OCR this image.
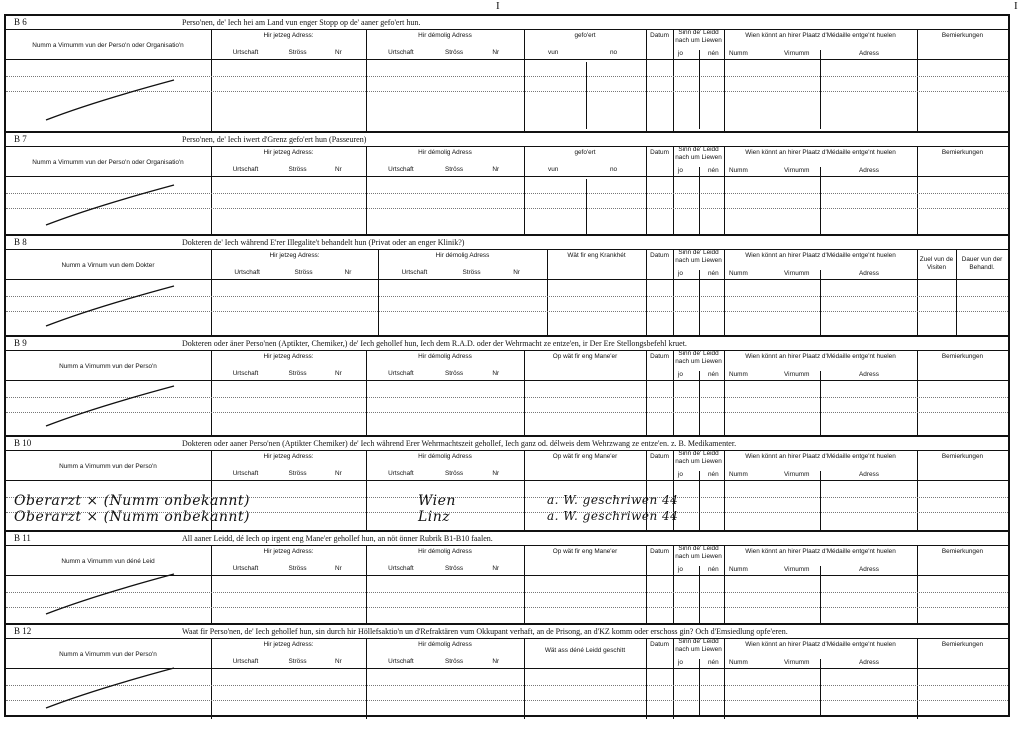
I	I
B 6	Perso'nen, de' Iech hei am Land vun enger Stopp op de' aaner gefo'ert hun.
Numm a Virnumm vun der Perso'n oder Organisatio'n
Hir jetzeg Adress:	Hir démolig Adress
Urtschaft	Ströss	Nr	Urtschaft	Ströss	Nr
gefo'ert
vun	no
Datum	Sinn de' Leidd nach um Liewen
jo	nén
Wien könnt an hirer Plaatz d'Médaille entge'nt huelen
Numm	Virnumm	Adress
Bemierkungen
B 7	Perso'nen, de' Iech iwert d'Grenz gefo'ert hun (Passeuren)
Numm a Virnumm vun der Perso'n oder Organisatio'n
Hir jetzeg Adress:	Hir démolig Adress
Urtschaft	Ströss	Nr	Urtschaft	Ströss	Nr
gefo'ert
vun	no
Datum	Sinn de' Leidd nach um Liewen
jo	nén
Wien könnt an hirer Plaatz d'Médaille entge'nt huelen
Numm	Virnumm	Adress
Bemierkungen
B 8	Dokteren de' Iech während E'rer Illegalite't behandelt hun (Privat oder an enger Klinik?)
Numm a Virnum vun dem Dokter
Hir jetzeg Adress:	Hir démolig Adress
Urtschaft	Ströss	Nr	Urtschaft	Ströss	Nr
Wät fir eng Krankhét	Datum	Sinn de' Leidd nach um Liewen
jo	nén
Wien könnt an hirer Plaatz d'Médaille entge'nt huelen
Numm	Virnumm	Adress
Zuel vun de Visiten
Dauer vun der Behandl.
B 9	Dokteren oder äner Perso'nen (Aptikter, Chemiker,) de' Iech gehollef hun, Iech dem R.A.D. oder der Wehrmacht ze entze'en, ir Der Ere Stellongsbefehl kruet.
Numm a Virnumm vun der Perso'n
Hir jetzeg Adress:	Hir démolig Adress
Urtschaft	Ströss	Nr	Urtschaft	Ströss	Nr
Op wät fir eng Mane'er	Datum	Sinn de' Leidd nach um Liewen
jo	nén
Wien könnt an hirer Plaatz d'Médaille entge'nt huelen
Numm	Virnumm	Adress
Bemierkungen
B 10	Dokteren oder aaner Perso'nen (Aptikter Chemiker) de' Iech während Erer Wehrmachtszeit gehollef, Iech ganz od. délweis dem Wehrzwang ze entze'en. z. B. Medikamenter.
Numm a Virnumm vun der Perso'n
Hir jetzeg Adress:	Hir démolig Adress
Urtschaft	Ströss	Nr	Urtschaft	Ströss	Nr
Op wät fir eng Mane'er	Datum	Sinn de' Leidd nach um Liewen
jo	nén
Wien könnt an hirer Plaatz d'Médaille entge'nt huelen
Numm	Virnumm	Adress
Bemierkungen
Oberarzt × (Numm onbekannt)	Wien	a. W. geschriwen 44
Oberarzt × (Numm onbekannt)	Linz	a. W. geschriwen 44
B 11	All aaner Leidd, dé Iech op irgent eng Mane'er gehollef hun, an nöt önner Rubrik B1-B10 faalen.
Numm a Virnumm vun déné Leid
Hir jetzeg Adress:	Hir démolig Adress
Urtschaft	Ströss	Nr	Urtschaft	Ströss	Nr
Op wät fir eng Mane'er	Datum	Sinn de' Leidd nach um Liewen
jo	nén
Wien könnt an hirer Plaatz d'Médaille entge'nt huelen
Numm	Virnumm	Adress
Bemierkungen
B 12	Waat fir Perso'nen, de' Iech gehollef hun, sin durch hir Höllefsaktio'n un d'Refraktären vum Okkupant verhaft, an de Prisong, an d'KZ komm oder erschoss gin? Och d'Emsiedlung opfe'eren.
Numm a Virnumm vun der Perso'n
Hir jetzeg Adress:	Hir démolig Adress
Urtschaft	Ströss	Nr	Urtschaft	Ströss	Nr
Wät ass déné Leidd geschitt
Datum	Sinn de' Leidd nach um Liewen
jo	nén
Wien könnt an hirer Plaatz d'Médaille entge'nt huelen
Numm	Virnumm	Adress
Bemierkungen
